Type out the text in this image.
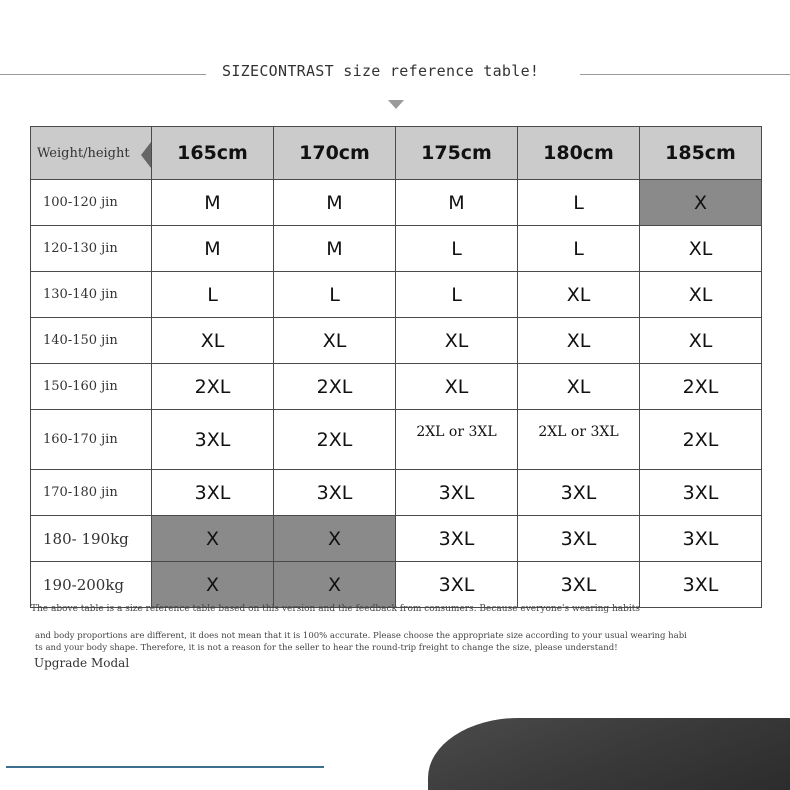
SIZECONTRAST size reference table!
Weight/height	165cm	170cm	175cm	180cm	185cm
100-120 jin	M	M	M	L	X
120-130 jin	M	M	L	L	XL
130-140 jin	L	L	L	XL	XL
140-150 jin	XL	XL	XL	XL	XL
150-160 jin	2XL	2XL	XL	XL	2XL
160-170 jin	3XL	2XL	2XL or 3XL	2XL or 3XL	2XL
170-180 jin	3XL	3XL	3XL	3XL	3XL
180- 190kg	X	X	3XL	3XL	3XL
190-200kg	X	X	3XL	3XL	3XL
The above table is a size reference table based on this version and the feedback from consumers. Because everyone's wearing habits
and body proportions are different, it does not mean that it is 100% accurate. Please choose the appropriate size according to your usual wearing habi
ts and your body shape. Therefore, it is not a reason for the seller to hear the round-trip freight to change the size, please understand!
Upgrade Modal
